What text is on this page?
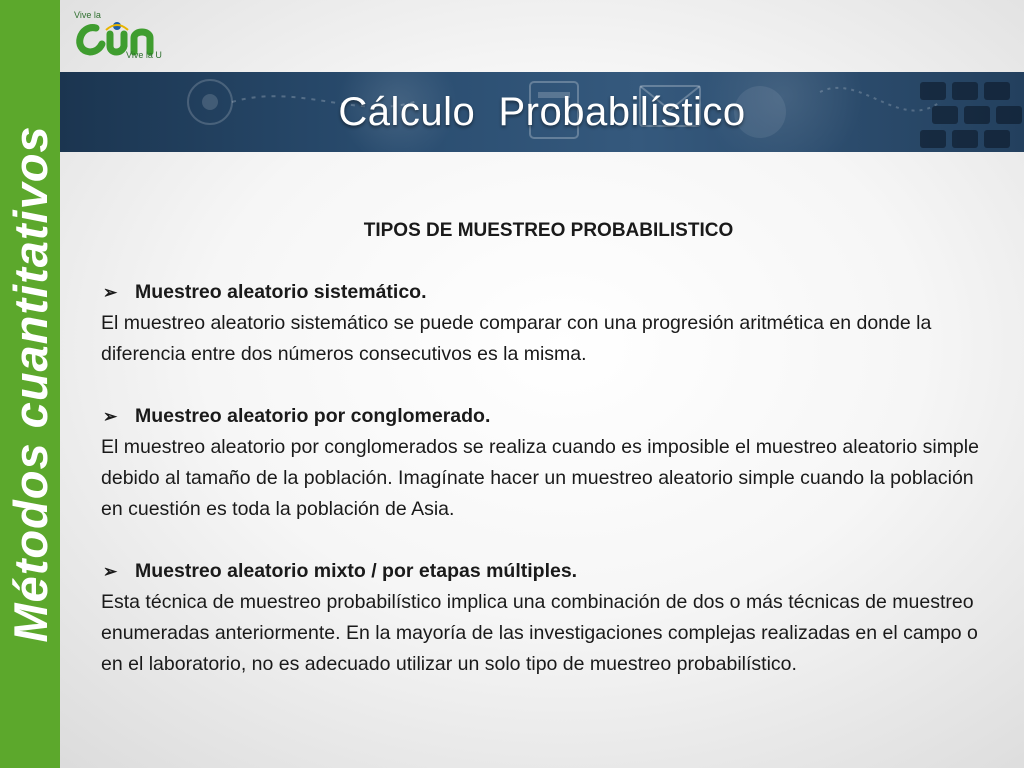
Métodos cuantitativos
Vive la
Vive la U
Cálculo  Probabilístico
TIPOS DE MUESTREO PROBABILISTICO
➢ Muestreo aleatorio sistemático.

El muestreo aleatorio sistemático se puede comparar con una progresión aritmética en donde la diferencia entre dos números consecutivos es la misma.

➢ Muestreo aleatorio por conglomerado.

El muestreo aleatorio por conglomerados se realiza cuando es imposible el muestreo aleatorio simple debido al tamaño de la población. Imagínate hacer un muestreo aleatorio simple cuando la población en cuestión es toda la población de Asia.

➢ Muestreo aleatorio mixto / por etapas múltiples.

Esta técnica de muestreo probabilístico implica una combinación de dos o más técnicas de muestreo enumeradas anteriormente. En la mayoría de las investigaciones complejas realizadas en el campo o en el laboratorio, no es adecuado utilizar un solo tipo de muestreo probabilístico.
